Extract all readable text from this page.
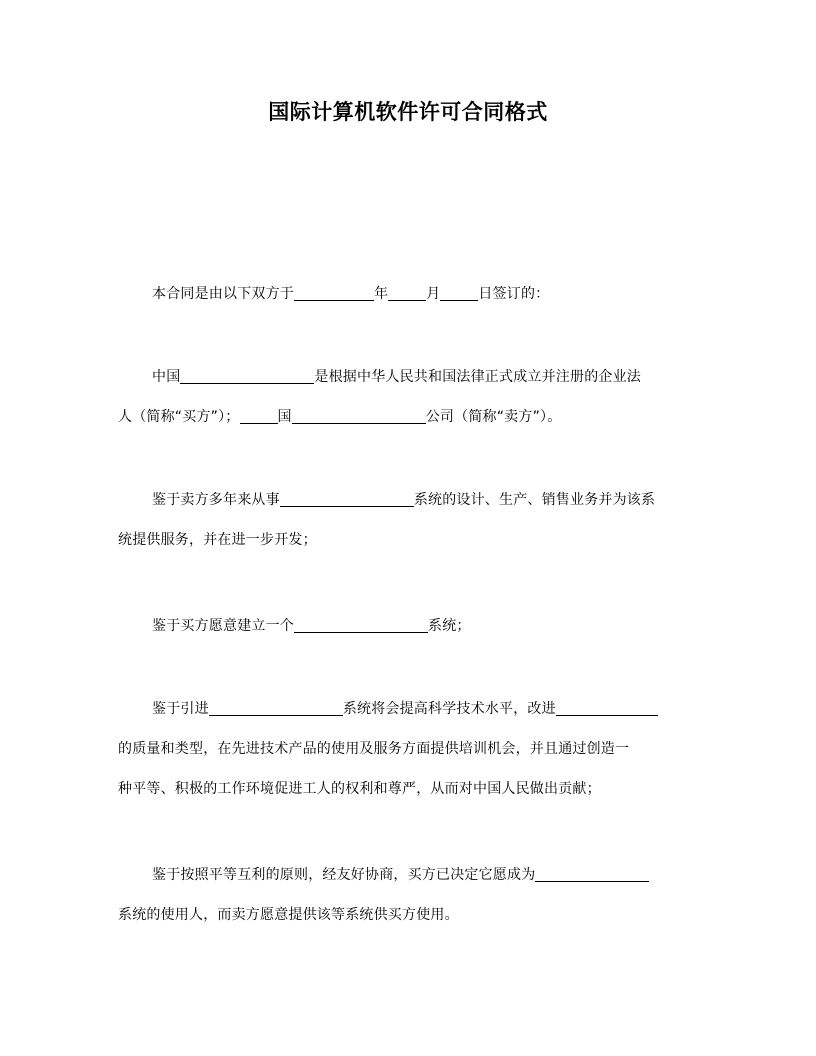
国际计算机软件许可合同格式
本合同是由以下双方于	年	月	日签订的：
中国	是根据中华人民共和国法律正式成立并注册的企业法
人（简称“买方”）；	国	公司（简称“卖方”）。
鉴于卖方多年来从事	系统的设计、生产、销售业务并为该系
统提供服务，并在进一步开发；
鉴于买方愿意建立一个	系统；
鉴于引进	系统将会提高科学技术水平，改进
的质量和类型，在先进技术产品的使用及服务方面提供培训机会，并且通过创造一
种平等、积极的工作环境促进工人的权利和尊严，从而对中国人民做出贡献；
鉴于按照平等互利的原则，经友好协商，买方已决定它愿成为
系统的使用人，而卖方愿意提供该等系统供买方使用。
